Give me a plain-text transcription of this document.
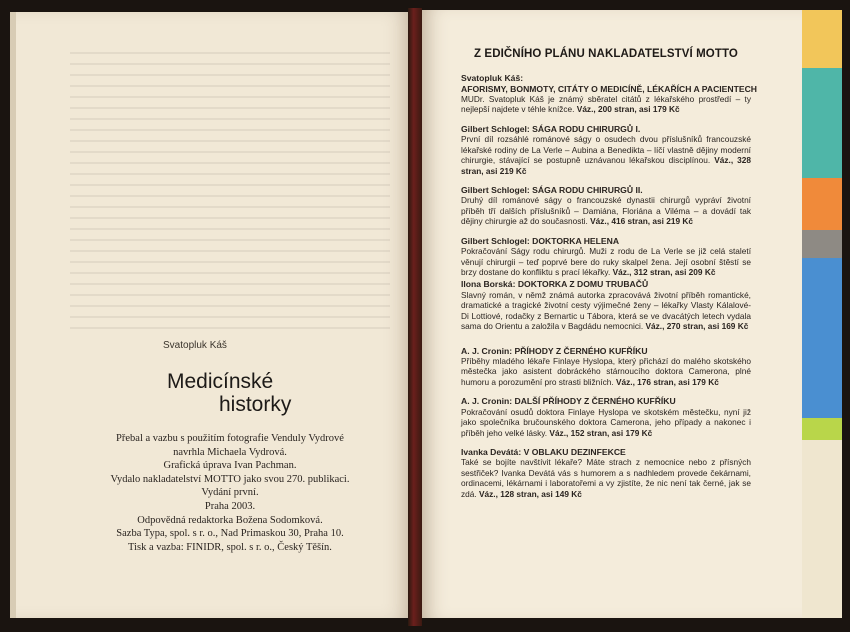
Svatopluk Káš
Medicínské
historky
Přebal a vazbu s použitím fotografie Venduly Vydrové
navrhla Michaela Vydrová.
Grafická úprava Ivan Pachman.
Vydalo nakladatelství MOTTO jako svou 270. publikaci.
Vydání první.
Praha 2003.
Odpovědná redaktorka Božena Sodomková.
Sazba Typa, spol. s r. o., Nad Primaskou 30, Praha 10.
Tisk a vazba: FINIDR, spol. s r. o., Český Těšín.
Z EDIČNÍHO PLÁNU NAKLADATELSTVÍ MOTTO
Svatopluk Káš:
AFORISMY, BONMOTY, CITÁTY O MEDICÍNĚ, LÉKAŘÍCH A PACIENTECH
MUDr. Svatopluk Káš je známý sběratel citátů z lékařského prostředí – ty nejlepší najdete v téhle knížce. Váz., 200 stran, asi 179 Kč
Gilbert Schlogel: SÁGA RODU CHIRURGŮ I.
První díl rozsáhlé románové ságy o osudech dvou příslušníků francouzské lékařské rodiny de La Verle – Aubina a Benedikta – líčí vlastně dějiny moderní chirurgie, stávající se postupně uznávanou lékařskou disciplínou. Váz., 328 stran, asi 219 Kč
Gilbert Schlogel: SÁGA RODU CHIRURGŮ II.
Druhý díl románové ságy o francouzské dynastii chirurgů vypráví životní příběh tří dalších příslušníků – Damiána, Floriána a Viléma – a dovádí tak dějiny chirurgie až do současnosti. Váz., 416 stran, asi 219 Kč
Gilbert Schlogel: DOKTORKA HELENA
Pokračování Ságy rodu chirurgů. Muži z rodu de La Verle se již celá staletí věnují chirurgii – teď poprvé bere do ruky skalpel žena. Její osobní štěstí se brzy dostane do konfliktu s prací lékařky. Váz., 312 stran, asi 209 Kč
Ilona Borská: DOKTORKA Z DOMU TRUBAČŮ
Slavný román, v němž známá autorka zpracovává životní příběh romantické, dramatické a tragické životní cesty výjimečné ženy – lékařky Vlasty Kálalové-Di Lottiové, rodačky z Bernartic u Tábora, která se ve dvacátých letech vydala sama do Orientu a založila v Bagdádu nemocnici. Váz., 270 stran, asi 169 Kč
A. J. Cronin: PŘÍHODY Z ČERNÉHO KUFŘÍKU
Příběhy mladého lékaře Finlaye Hyslopa, který přichází do malého skotského městečka jako asistent dobráckého stárnoucího doktora Camerona, plné humoru a porozumění pro strasti bližních. Váz., 176 stran, asi 179 Kč
A. J. Cronin: DALŠÍ PŘÍHODY Z ČERNÉHO KUFŘÍKU
Pokračování osudů doktora Finlaye Hyslopa ve skotském městečku, nyní již jako společníka bručounského doktora Camerona, jeho případy a nakonec i příběh jeho velké lásky. Váz., 152 stran, asi 179 Kč
Ivanka Devátá: V OBLAKU DEZINFEKCE
Také se bojíte navštívit lékaře? Máte strach z nemocnice nebo z přísných sestřiček? Ivanka Devátá vás s humorem a s nadhledem provede čekárnami, ordinacemi, lékárnami i laboratořemi a vy zjistíte, že nic není tak černé, jak se zdá. Váz., 128 stran, asi 149 Kč
